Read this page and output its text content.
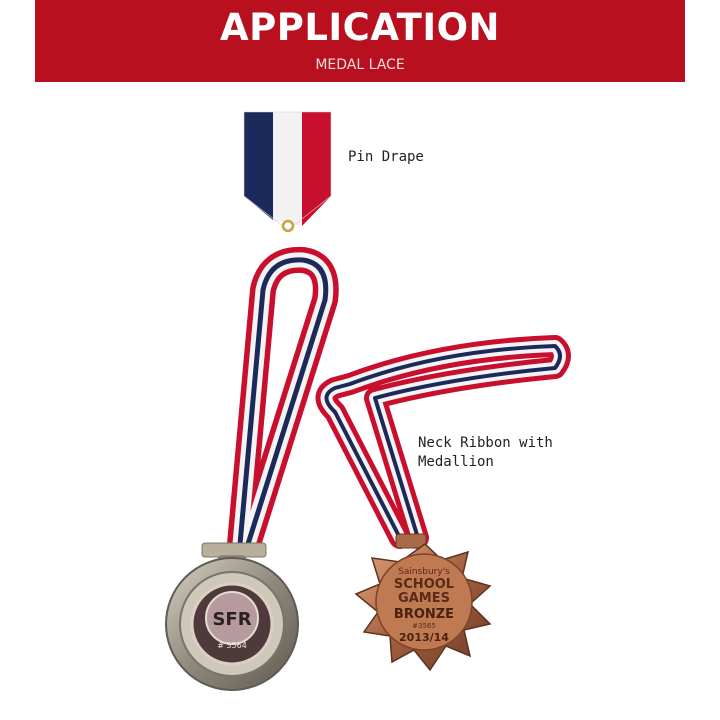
APPLICATION
MEDAL LACE
SFR
# 3564
Sainsbury's
SCHOOL
GAMES
BRONZE
#3565
2013/14
Pin Drape
Neck Ribbon with
Medallion
